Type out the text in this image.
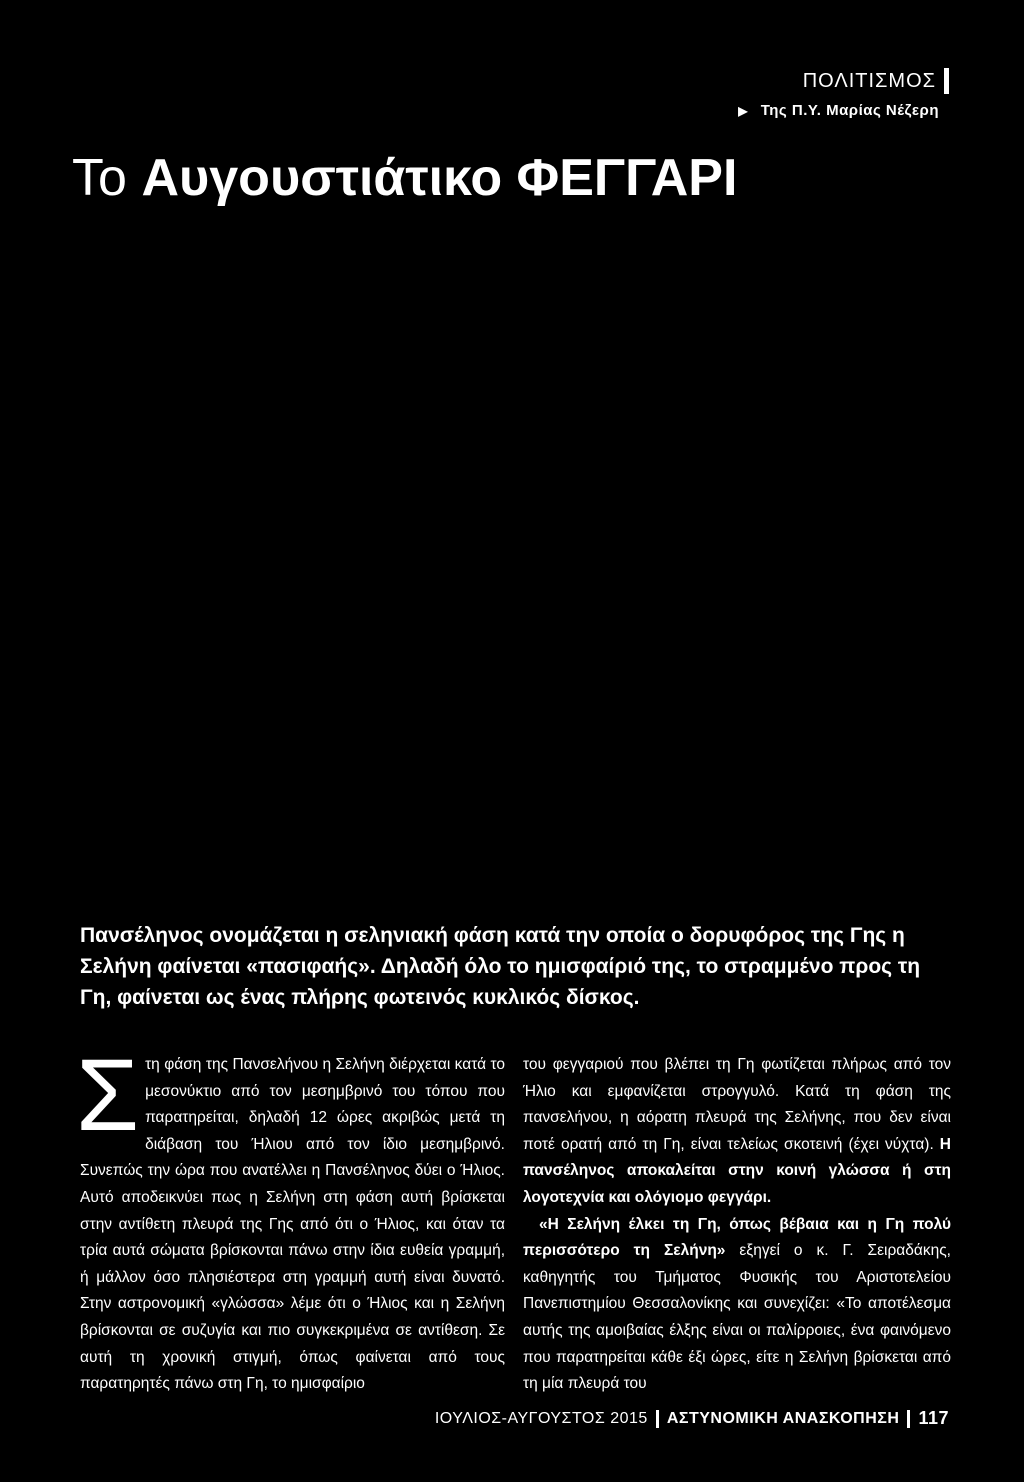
ΠΟΛΙΤΙΣΜΟΣ
▶ Της Π.Υ. Μαρίας Νέζερη
Το Αυγουστιάτικο ΦΕΓΓΑΡΙ
Πανσέληνος ονομάζεται η σεληνιακή φάση κατά την οποία ο δορυφόρος της Γης η Σελήνη φαίνεται «πασιφαής». Δηλαδή όλο το ημισφαίριό της, το στραμμένο προς τη Γη, φαίνεται ως ένας πλήρης φωτεινός κυκλικός δίσκος.
Σ τη φάση της Πανσελήνου η Σελήνη διέρχεται κατά το μεσονύκτιο από τον μεσημβρινό του τόπου που παρατηρείται, δηλαδή 12 ώρες ακριβώς μετά τη διάβαση του Ήλιου από τον ίδιο μεσημβρινό. Συνεπώς την ώρα που ανατέλλει η Πανσέληνος δύει ο Ήλιος. Αυτό αποδεικνύει πως η Σελήνη στη φάση αυτή βρίσκεται στην αντίθετη πλευρά της Γης από ότι ο Ήλιος, και όταν τα τρία αυτά σώματα βρίσκονται πάνω στην ίδια ευθεία γραμμή, ή μάλλον όσο πλησιέστερα στη γραμμή αυτή είναι δυνατό. Στην αστρονομική «γλώσσα» λέμε ότι ο Ήλιος και η Σελήνη βρίσκονται σε συζυγία και πιο συγκεκριμένα σε αντίθεση. Σε αυτή τη χρονική στιγμή, όπως φαίνεται από τους παρατηρητές πάνω στη Γη, το ημισφαίριο
του φεγγαριού που βλέπει τη Γη φωτίζεται πλήρως από τον Ήλιο και εμφανίζεται στρογγυλό. Κατά τη φάση της πανσελήνου, η αόρατη πλευρά της Σελήνης, που δεν είναι ποτέ ορατή από τη Γη, είναι τελείως σκοτεινή (έχει νύχτα). Η πανσέληνος αποκαλείται στην κοινή γλώσσα ή στη λογοτεχνία και ολόγιομο φεγγάρι.
«Η Σελήνη έλκει τη Γη, όπως βέβαια και η Γη πολύ περισσότερο τη Σελήνη» εξηγεί ο κ. Γ. Σειραδάκης, καθηγητής του Τμήματος Φυσικής του Αριστοτελείου Πανεπιστημίου Θεσσαλονίκης και συνεχίζει: «Το αποτέλεσμα αυτής της αμοιβαίας έλξης είναι οι παλίρροιες, ένα φαινόμενο που παρατηρείται κάθε έξι ώρες, είτε η Σελήνη βρίσκεται από τη μία πλευρά του
ΙΟΥΛΙΟΣ-ΑΥΓΟΥΣΤΟΣ 2015 ΑΣΤΥΝΟΜΙΚΗ ΑΝΑΣΚΟΠΗΣΗ 117
